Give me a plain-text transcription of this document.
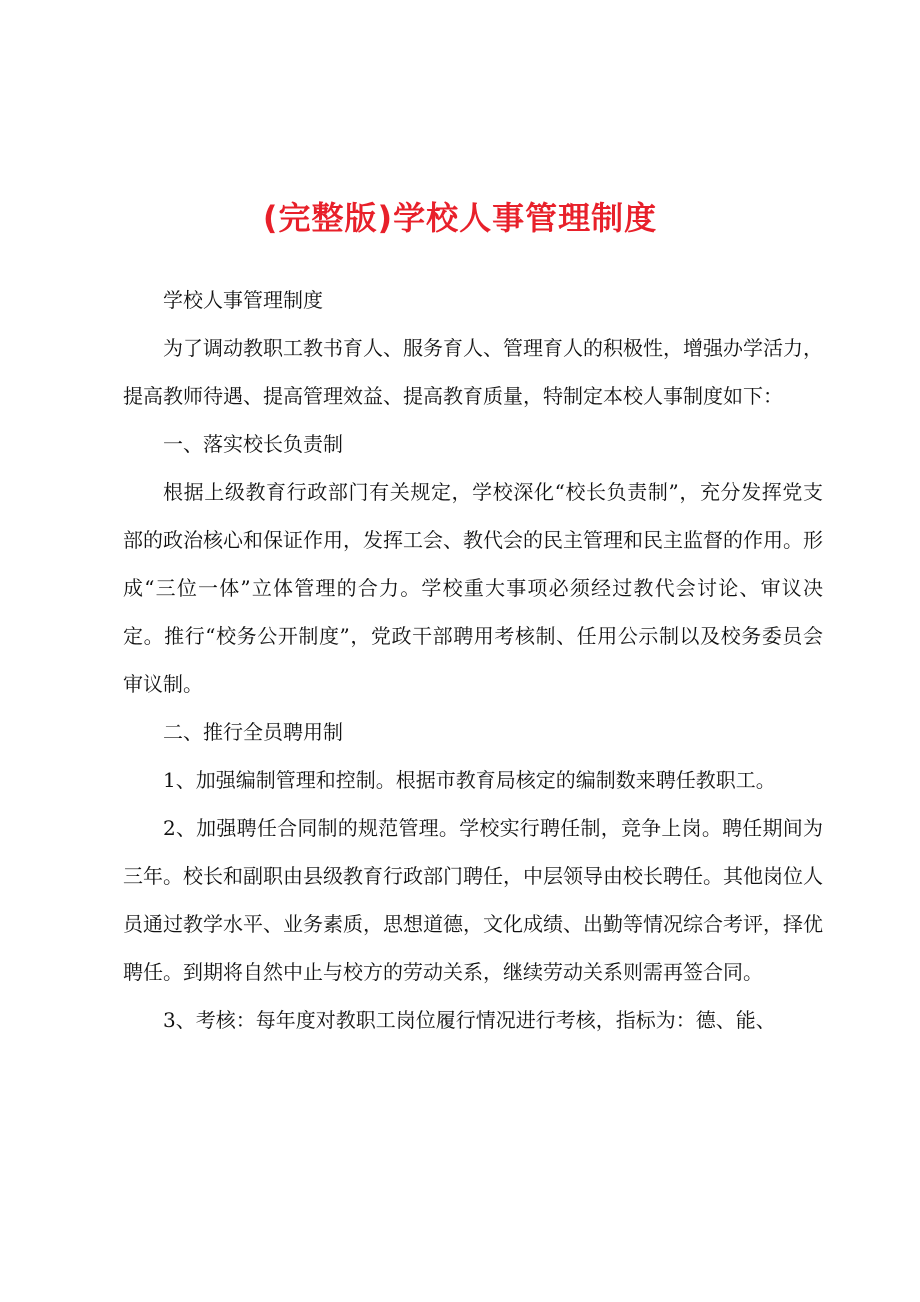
(完整版)学校人事管理制度

学校人事管理制度

为了调动教职工教书育人、服务育人、管理育人的积极性，增强办学活力，提高教师待遇、提高管理效益、提高教育质量，特制定本校人事制度如下：

一、落实校长负责制

根据上级教育行政部门有关规定，学校深化“校长负责制”，充分发挥党支部的政治核心和保证作用，发挥工会、教代会的民主管理和民主监督的作用。形成“三位一体”立体管理的合力。学校重大事项必须经过教代会讨论、审议决定。推行“校务公开制度”，党政干部聘用考核制、任用公示制以及校务委员会审议制。

二、推行全员聘用制

1、加强编制管理和控制。根据市教育局核定的编制数来聘任教职工。

2、加强聘任合同制的规范管理。学校实行聘任制，竞争上岗。聘任期间为三年。校长和副职由县级教育行政部门聘任，中层领导由校长聘任。其他岗位人员通过教学水平、业务素质，思想道德，文化成绩、出勤等情况综合考评，择优聘任。到期将自然中止与校方的劳动关系，继续劳动关系则需再签合同。

3、考核：每年度对教职工岗位履行情况进行考核，指标为：德、能、
